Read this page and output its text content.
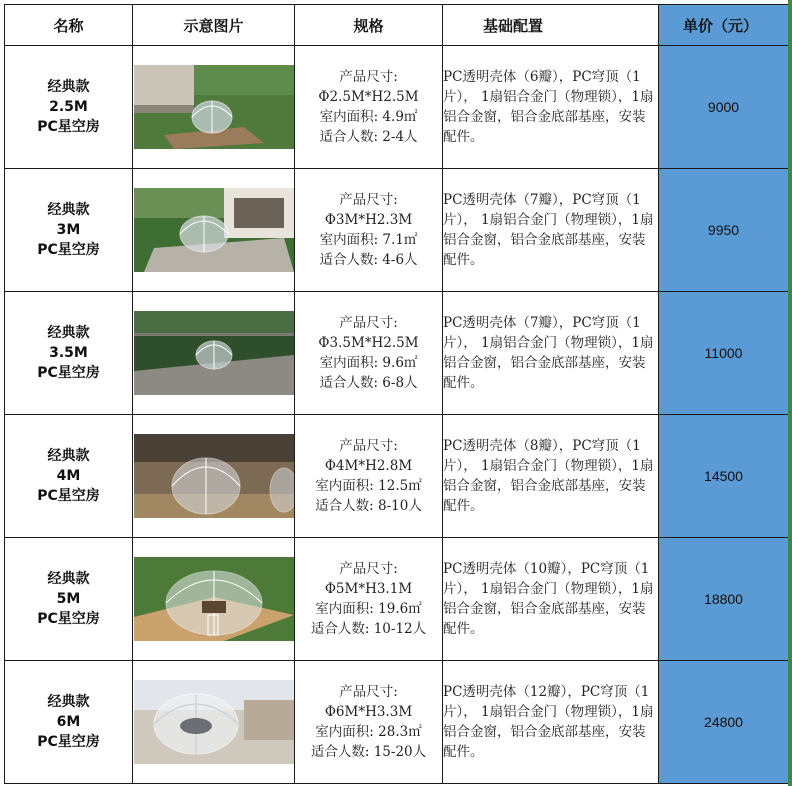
名称	示意图片	规格	基础配置	单价（元）

经典款
2.5M
PC星空房		产品尺寸:
Φ2.5M*H2.5M
室内面积: 4.9㎡
适合人数: 2-4人	PC透明壳体（6瓣），PC穹顶（1片）， 1扇铝合金门（物理锁），1扇铝合金窗，铝合金底部基座，安装配件。	9000

经典款
3M
PC星空房		产品尺寸:
Φ3M*H2.3M
室内面积: 7.1㎡
适合人数: 4-6人	PC透明壳体（7瓣），PC穹顶（1片）， 1扇铝合金门（物理锁），1扇铝合金窗，铝合金底部基座，安装配件。	9950

经典款
3.5M
PC星空房		产品尺寸:
Φ3.5M*H2.5M
室内面积: 9.6㎡
适合人数: 6-8人	PC透明壳体（7瓣），PC穹顶（1片）， 1扇铝合金门（物理锁），1扇铝合金窗，铝合金底部基座，安装配件。	11000

经典款
4M
PC星空房		产品尺寸:
Φ4M*H2.8M
室内面积: 12.5㎡
适合人数: 8-10人	PC透明壳体（8瓣），PC穹顶（1片）， 1扇铝合金门（物理锁），1扇铝合金窗，铝合金底部基座，安装配件。	14500

经典款
5M
PC星空房		产品尺寸:
Φ5M*H3.1M
室内面积: 19.6㎡
适合人数: 10-12人	PC透明壳体（10瓣），PC穹顶（1片）， 1扇铝合金门（物理锁），1扇铝合金窗，铝合金底部基座，安装配件。	18800

经典款
6M
PC星空房		产品尺寸:
Φ6M*H3.3M
室内面积: 28.3㎡
适合人数: 15-20人	PC透明壳体（12瓣），PC穹顶（1片）， 1扇铝合金门（物理锁），1扇铝合金窗，铝合金底部基座，安装配件。	24800
